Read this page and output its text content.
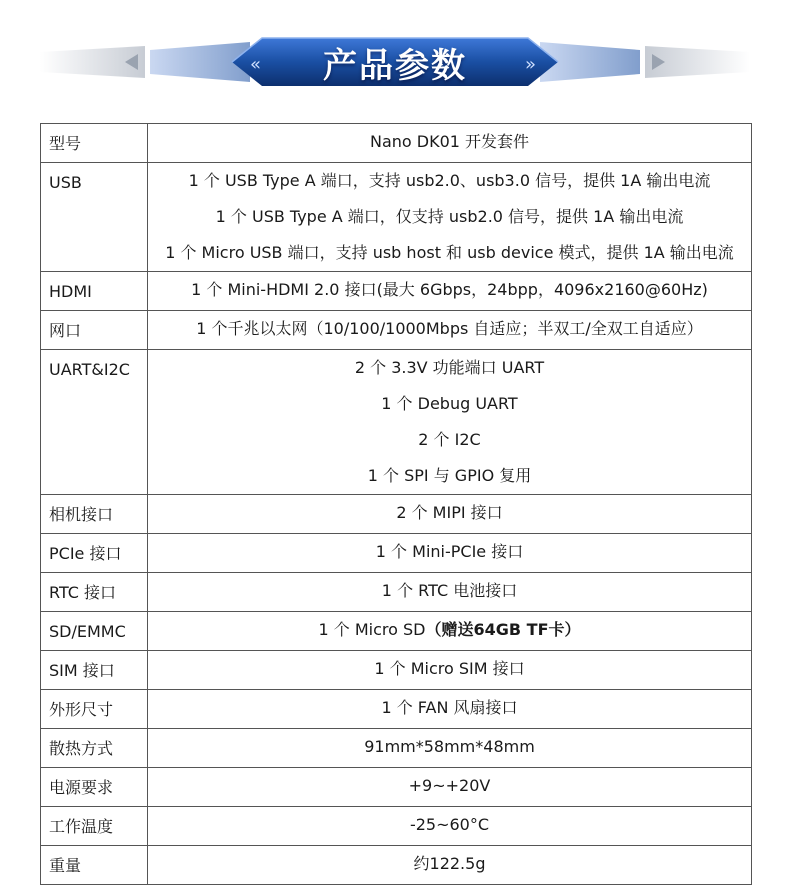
«	»
产品参数
型号	Nano DK01 开发套件

USB	1 个 USB Type A 端口，支持 usb2.0、usb3.0 信号，提供 1A 输出电流
1 个 USB Type A 端口，仅支持 usb2.0 信号，提供 1A 输出电流
1 个 Micro USB 端口，支持 usb host 和 usb device 模式，提供 1A 输出电流

HDMI	1 个 Mini-HDMI 2.0 接口(最大 6Gbps，24bpp，4096x2160@60Hz)

网口	1 个千兆以太网（10/100/1000Mbps 自适应；半双工/全双工自适应）

UART&I2C	2 个 3.3V 功能端口 UART
1 个 Debug UART
2 个 I2C
1 个 SPI 与 GPIO 复用

相机接口	2 个 MIPI 接口

PCIe 接口	1 个 Mini-PCIe 接口

RTC 接口	1 个 RTC 电池接口

SD/EMMC	1 个 Micro SD（赠送64GB TF卡）

SIM 接口	1 个 Micro SIM 接口

外形尺寸	1 个 FAN 风扇接口

散热方式	91mm*58mm*48mm

电源要求	+9~+20V

工作温度	-25~60°C

重量	约122.5g
